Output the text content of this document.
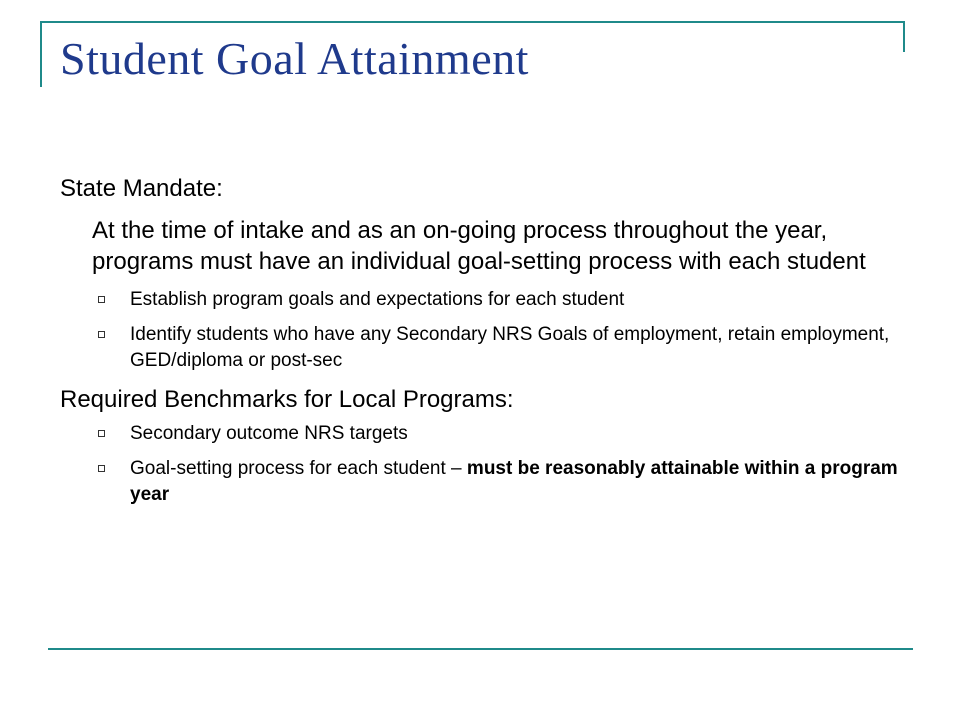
Student Goal Attainment

State Mandate:

At the time of intake and as an on-going process throughout the year, programs must have an individual goal-setting process with each student

Establish program goals and expectations for each student
Identify students who have any Secondary NRS Goals of employment, retain employment, GED/diploma or post-sec

Required Benchmarks for Local Programs:

Secondary outcome NRS targets
Goal-setting process for each student – must be reasonably attainable within a program year
